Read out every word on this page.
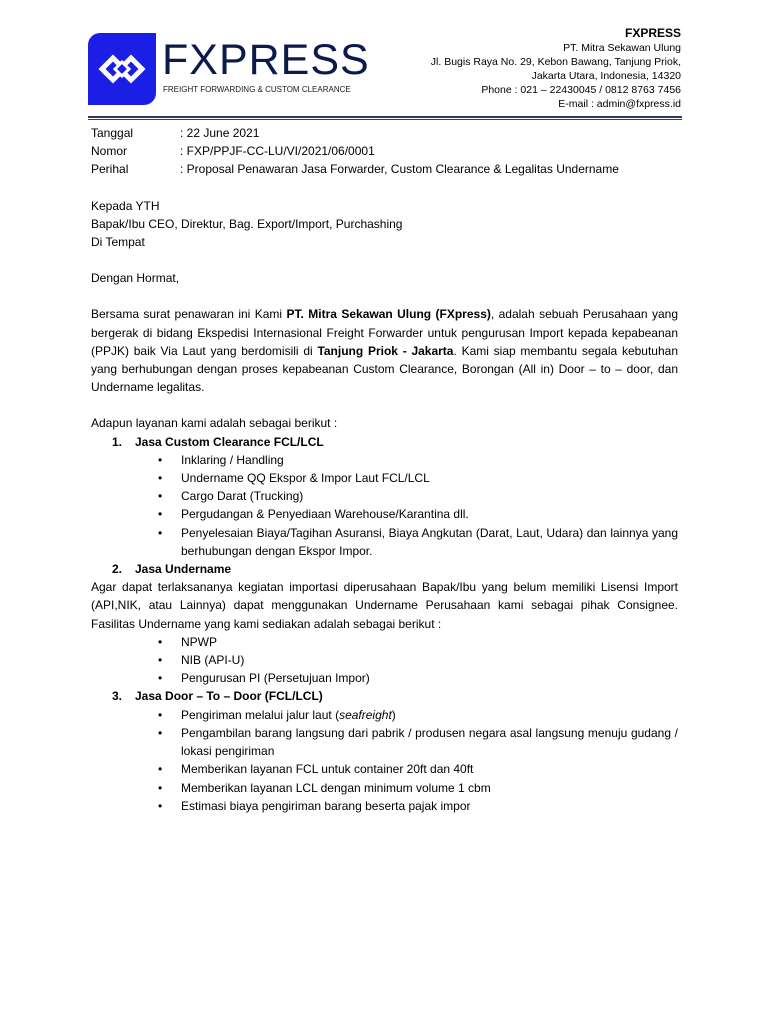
FXPRESS
FREIGHT FORWARDING & CUSTOM CLEARANCE
FXPRESS
PT. Mitra Sekawan Ulung
Jl. Bugis Raya No. 29, Kebon Bawang, Tanjung Priok,
Jakarta Utara, Indonesia, 14320
Phone : 021 – 22430045 / 0812 8763 7456
E-mail : admin@fxpress.id
Tanggal	: 22 June 2021
Nomor	: FXP/PPJF-CC-LU/VI/2021/06/0001
Perihal	: Proposal Penawaran Jasa Forwarder, Custom Clearance & Legalitas Undername

Kepada YTH

Bapak/Ibu CEO, Direktur, Bag. Export/Import, Purchashing

Di Tempat

Dengan Hormat,

Bersama surat penawaran ini Kami PT. Mitra Sekawan Ulung (FXpress), adalah sebuah Perusahaan yang bergerak di bidang Ekspedisi Internasional Freight Forwarder untuk pengurusan Import kepada kepabeanan (PPJK) baik Via Laut yang berdomisili di Tanjung Priok - Jakarta. Kami siap membantu segala kebutuhan yang berhubungan dengan proses kepabeanan Custom Clearance, Borongan (All in) Door – to – door, dan Undername legalitas.

Adapun layanan kami adalah sebagai berikut :

1.	Jasa Custom Clearance FCL/LCL
•
Inklaring / Handling
•
Undername QQ Ekspor & Impor Laut FCL/LCL
•
Cargo Darat (Trucking)
•
Pergudangan & Penyediaan Warehouse/Karantina dll.
•
Penyelesaian Biaya/Tagihan Asuransi, Biaya Angkutan (Darat, Laut, Udara) dan lainnya yang berhubungan dengan Ekspor Impor.
2.	Jasa Undername

Agar dapat terlaksananya kegiatan importasi diperusahaan Bapak/Ibu yang belum memiliki Lisensi Import (API,NIK, atau Lainnya) dapat menggunakan Undername Perusahaan kami sebagai pihak Consignee. Fasilitas Undername yang kami sediakan adalah sebagai berikut :

•
NPWP
•
NIB (API-U)
•
Pengurusan PI (Persetujuan Impor)
3.	Jasa Door – To – Door (FCL/LCL)
•
Pengiriman melalui jalur laut (seafreight)
•
Pengambilan barang langsung dari pabrik / produsen negara asal langsung menuju gudang / lokasi pengiriman
•
Memberikan layanan FCL untuk container 20ft dan 40ft
•
Memberikan layanan LCL dengan minimum volume 1 cbm
•
Estimasi biaya pengiriman barang beserta pajak impor
